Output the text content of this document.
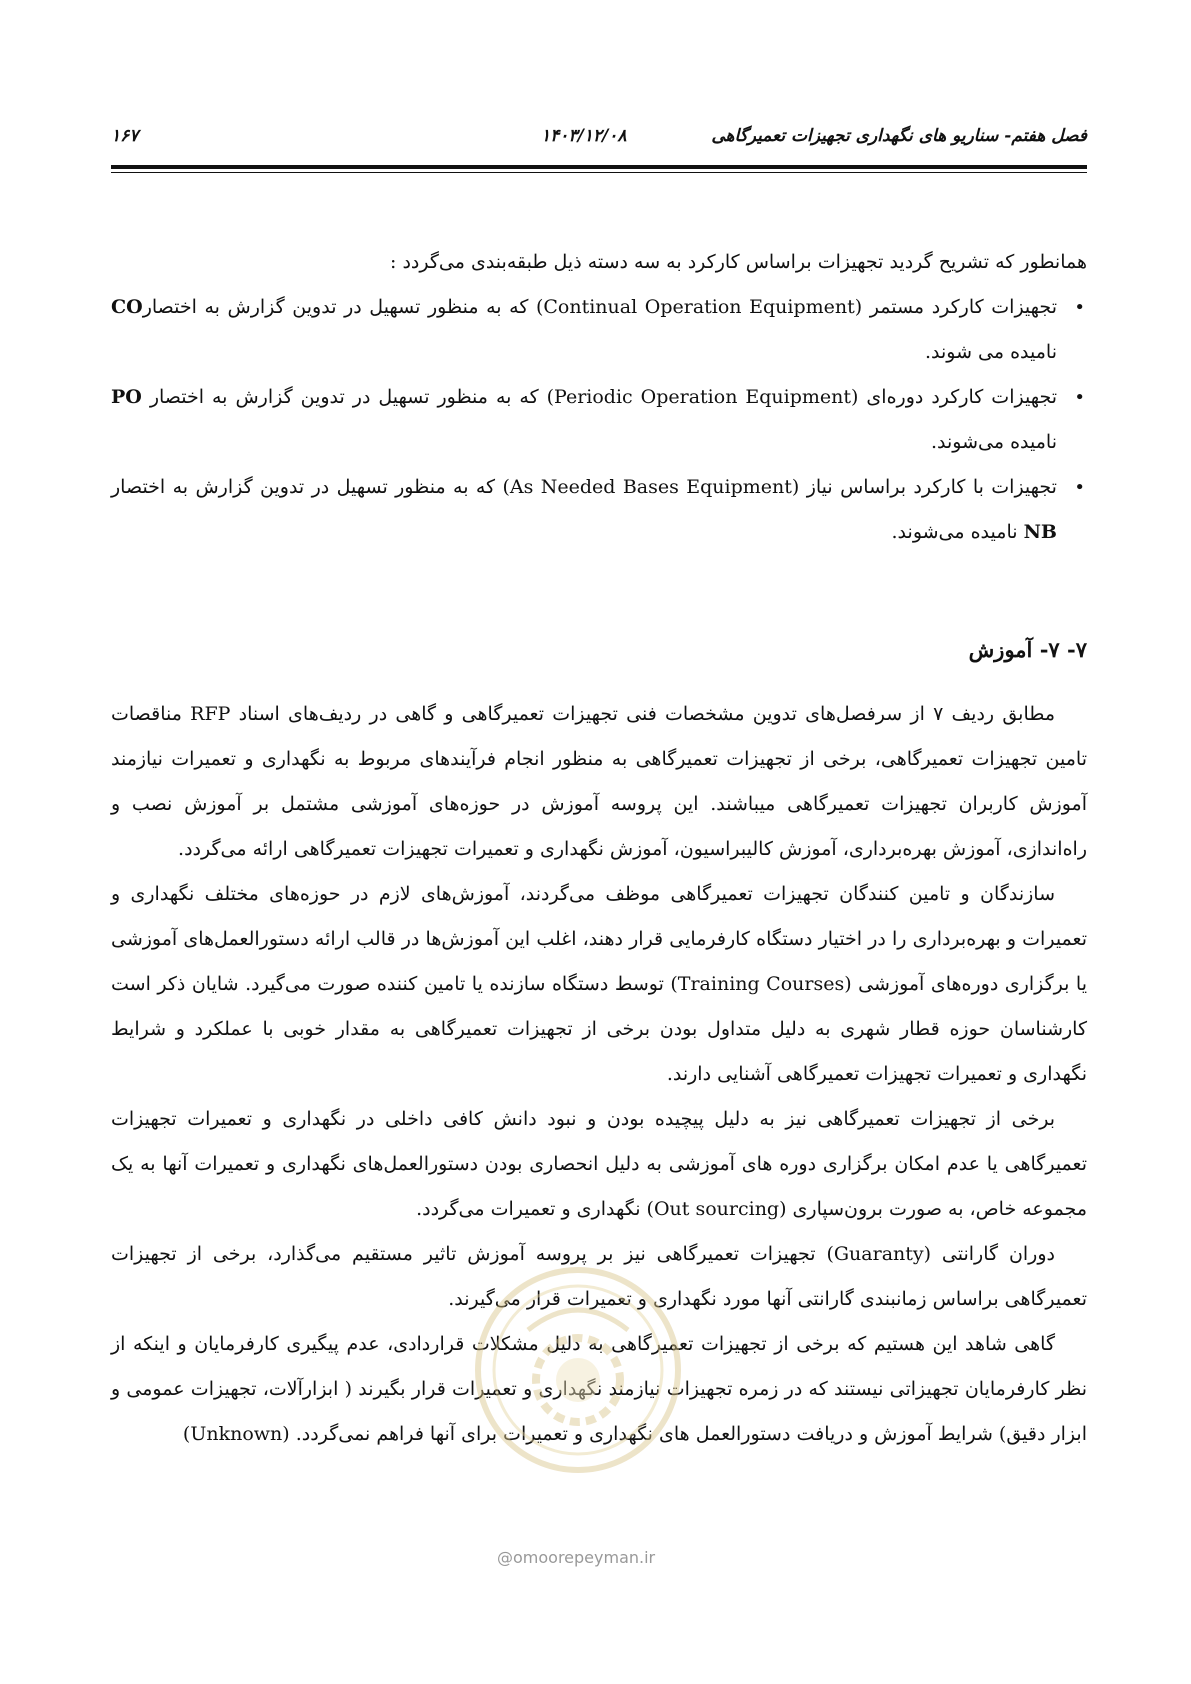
فصل هفتم- سناریو های نگهداری تجهیزات تعمیرگاهی
۱۴۰۳/۱۲/۰۸
۱۶۷

همانطور که تشریح گردید تجهیزات براساس کارکرد به سه دسته ذیل طبقه‌بندی می‌گردد :

• تجهیزات کارکرد مستمر (Continual Operation Equipment) که به منظور تسهیل در تدوین گزارش به اختصارCO نامیده می شوند.
• تجهیزات کارکرد دوره‌ای (Periodic Operation Equipment) که به منظور تسهیل در تدوین گزارش به اختصار PO نامیده می‌شوند.
• تجهیزات با کارکرد براساس نیاز (As Needed Bases Equipment) که به منظور تسهیل در تدوین گزارش به اختصار NB نامیده می‌شوند.
۷- ۷- آموزش

مطابق ردیف ۷ از سرفصل‌های تدوین مشخصات فنی تجهیزات تعمیرگاهی و گاهی در ردیف‌های اسناد RFP مناقصات تامین تجهیزات تعمیرگاهی، برخی از تجهیزات تعمیرگاهی به منظور انجام فرآیندهای مربوط به نگهداری و تعمیرات نیازمند آموزش کاربران تجهیزات تعمیرگاهی میباشند. این پروسه آموزش در حوزه‌های آموزشی مشتمل بر آموزش نصب و راه‌اندازی، آموزش بهره‌برداری، آموزش کالیبراسیون، آموزش نگهداری و تعمیرات تجهیزات تعمیرگاهی ارائه می‌گردد.

سازندگان و تامین کنندگان تجهیزات تعمیرگاهی موظف می‌گردند، آموزش‌های لازم در حوزه‌های مختلف نگهداری و تعمیرات و بهره‌برداری را در اختیار دستگاه کارفرمایی قرار دهند، اغلب این آموزش‌ها در قالب ارائه دستورالعمل‌های آموزشی یا برگزاری دوره‌های آموزشی (Training Courses) توسط دستگاه سازنده یا تامین کننده صورت می‌گیرد. شایان ذکر است کارشناسان حوزه قطار شهری به دلیل متداول بودن برخی از تجهیزات تعمیرگاهی به مقدار خوبی با عملکرد و شرایط نگهداری و تعمیرات تجهیزات تعمیرگاهی آشنایی دارند.

برخی از تجهیزات تعمیرگاهی نیز به دلیل پیچیده بودن و نبود دانش کافی داخلی در نگهداری و تعمیرات تجهیزات تعمیرگاهی یا عدم امکان برگزاری دوره های آموزشی به دلیل انحصاری بودن دستورالعمل‌های نگهداری و تعمیرات آنها به یک مجموعه خاص، به صورت برون‌سپاری (Out sourcing) نگهداری و تعمیرات می‌گردد.

دوران گارانتی (Guaranty) تجهیزات تعمیرگاهی نیز بر پروسه آموزش تاثیر مستقیم می‌گذارد، برخی از تجهیزات تعمیرگاهی براساس زمانبندی گارانتی آنها مورد نگهداری و تعمیرات قرار می‌گیرند.

گاهی شاهد این هستیم که برخی از تجهیزات تعمیرگاهی به دلیل مشکلات قراردادی، عدم پیگیری کارفرمایان و اینکه از نظر کارفرمایان تجهیزاتی نیستند که در زمره تجهیزات نیازمند نگهداری و تعمیرات قرار بگیرند ( ابزارآلات، تجهیزات عمومی و ابزار دقیق) شرایط آموزش و دریافت دستورالعمل های نگهداری و تعمیرات برای آنها فراهم نمی‌گردد. (Unknown)

@omoorepeyman.ir
